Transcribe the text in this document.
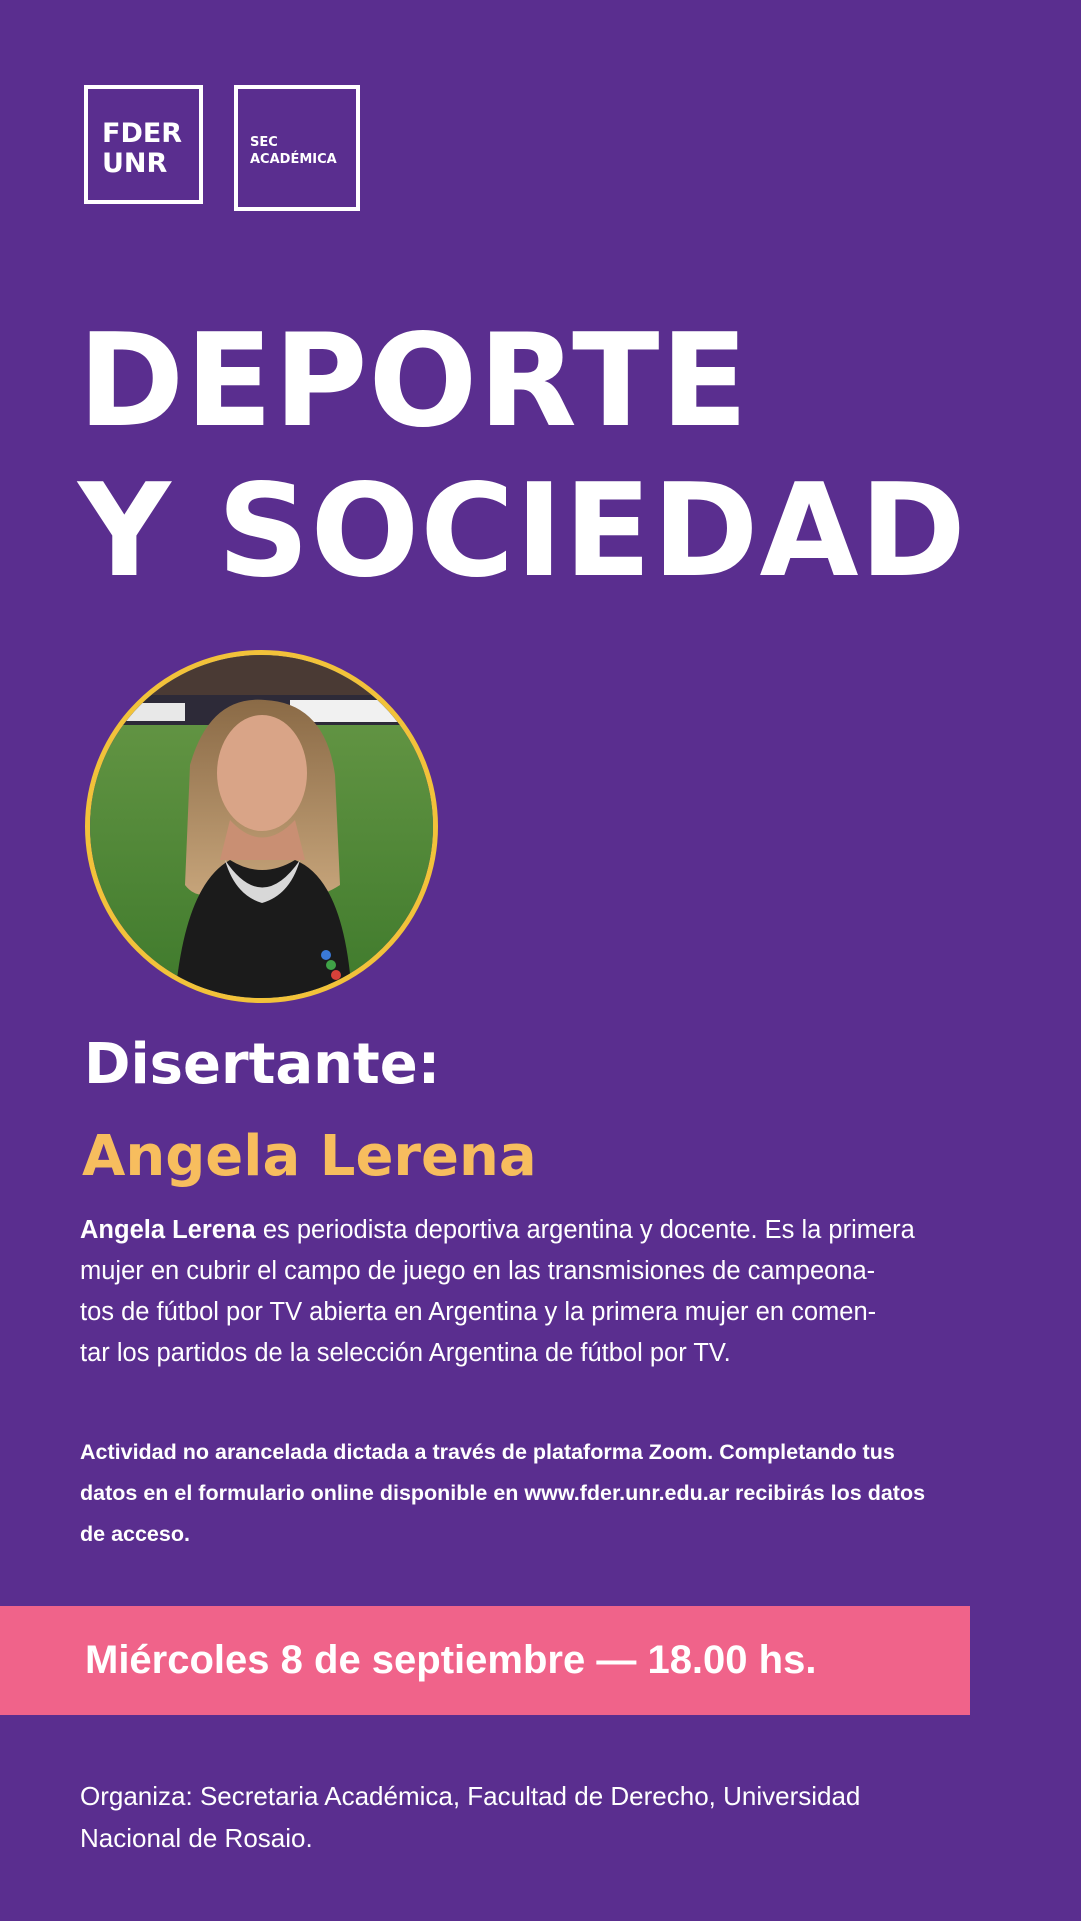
FDER
UNR
SEC
ACADÉMICA
DEPORTE
Y SOCIEDAD
Disertante:
Angela Lerena
Angela Lerena es periodista deportiva argentina y docente. Es la primera
mujer en cubrir el campo de juego en las transmisiones de campeona-
tos de fútbol por TV abierta en Argentina y la primera mujer en comen-
tar los partidos de la selección Argentina de fútbol por TV.
Actividad no arancelada dictada a través de plataforma Zoom. Completando tus
datos en el formulario online disponible en www.fder.unr.edu.ar recibirás los datos
de acceso.
Miércoles 8 de septiembre — 18.00 hs.
Organiza: Secretaria Académica, Facultad de Derecho, Universidad
Nacional de Rosaio.
